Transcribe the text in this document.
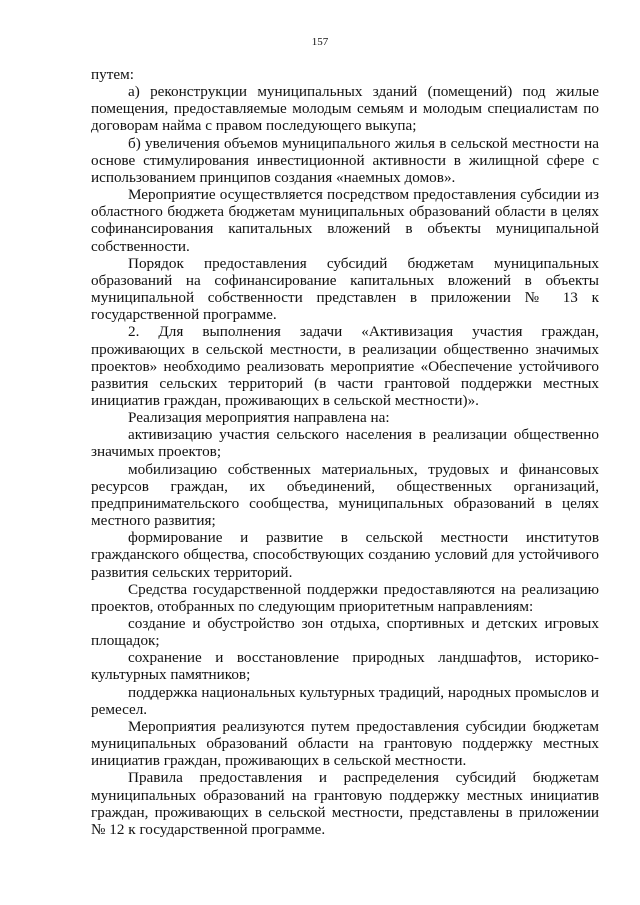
157

путем:

а) реконструкции муниципальных зданий (помещений) под жилые помещения, предоставляемые молодым семьям и молодым специалистам по договорам найма с правом последующего выкупа;

б) увеличения объемов муниципального жилья в сельской местности на основе стимулирования инвестиционной активности в жилищной сфере с использованием принципов создания «наемных домов».

Мероприятие осуществляется посредством предоставления субсидии из областного бюджета бюджетам муниципальных образований области в целях софинансирования капитальных вложений в объекты муниципальной собственности.

Порядок предоставления субсидий бюджетам муниципальных образований на софинансирование капитальных вложений в объекты муниципальной собственности представлен в приложении № 13 к государственной программе.

2. Для выполнения задачи «Активизация участия граждан, проживающих в сельской местности, в реализации общественно значимых проектов» необходимо реализовать мероприятие «Обеспечение устойчивого развития сельских территорий (в части грантовой поддержки местных инициатив граждан, проживающих в сельской местности)».

Реализация мероприятия направлена на:

активизацию участия сельского населения в реализации общественно значимых проектов;

мобилизацию собственных материальных, трудовых и финансовых ресурсов граждан, их объединений, общественных организаций, предпринимательского сообщества, муниципальных образований в целях местного развития;

формирование и развитие в сельской местности институтов гражданского общества, способствующих созданию условий для устойчивого развития сельских территорий.

Средства государственной поддержки предоставляются на реализацию проектов, отобранных по следующим приоритетным направлениям:

создание и обустройство зон отдыха, спортивных и детских игровых площадок;

сохранение и восстановление природных ландшафтов, историко-культурных памятников;

поддержка национальных культурных традиций, народных промыслов и ремесел.

Мероприятия реализуются путем предоставления субсидии бюджетам муниципальных образований области на грантовую поддержку местных инициатив граждан, проживающих в сельской местности.

Правила предоставления и распределения субсидий бюджетам муниципальных образований на грантовую поддержку местных инициатив граждан, проживающих в сельской местности, представлены в приложении № 12 к государственной программе.
